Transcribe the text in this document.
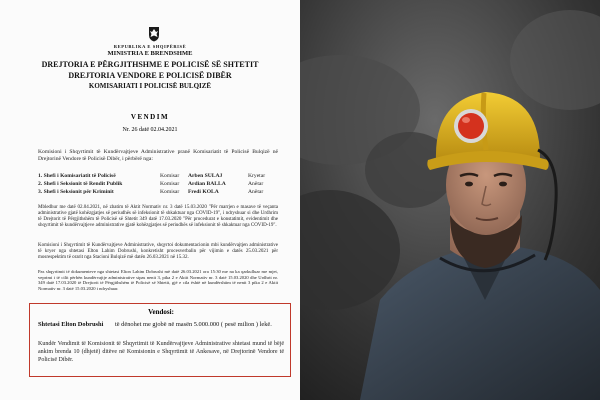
REPUBLIKA E SHQIPËRISË
MINISTRIA E BRENDSHME
DREJTORIA E PËRGJITHSHME E POLICISË SË SHTETIT
DREJTORIA VENDORE E POLICISË DIBËR
KOMISARIATI I POLICISË BULQIZË
VENDIM
Nr. 26 datë 02.04.2021
Komisioni i Shqyrtimit të Kundërvajtjeve Administrative pranë Komisariatit të Policisë Bulqizë në Drejtorinë Vendore të Policisë Dibër, i përbërë nga:
1. Shefi i Komisariatit të Policisë	Komisar	Arben SULAJ	Kryetar
2. Shefi i Seksionit të Rendit Publik	Komisar	Ardian BALLA	Anëtar
3. Shefi i Seksionit për Kriminit	Komisar	Fredi KOLA	Anëtar
Mbledhur me datë 02.04.2021, në zbatim të Aktit Normativ nr. 3 datë 15.03.2020 "Për marrjen e masave të veçanta administrative gjatë kohëzgjatjes së periudhës së infeksionit të shkaktuar nga COVID-19", i ndryshuar si dhe Urdhrim të Drejtorit të Përgjithshëm të Policisë së Shtetit 349 datë 17.03.2020 "Për procedurat e konstatimit, evidentimit dhe shqyrtimit të kundërvajtjeve administrative gjatë kohëzgjatjes së periudhës së infeksionit të shkaktuar nga COVID-19".
Komisioni i Shqyrtimit të Kundërvajtjeve Administrative, shqyrtoi dokumentacionin mbi kundërvajtjen administrative të kryer nga shtetasi Elton Lahim Dobrushi, konkretisht procesverbalin për vijimin e datës 25.03.2021 për mosrespektim të orarit nga Stacioni Bulqizë më datën 26.03.2021 në 15.32.
Pas shqyrtimit të dokumenteve nga shtetasi Elton Lahim Dobrushi më datë 26.03.2021 ora 15:30 me na ka qarkulluar me mjet, veprimi i të cilit përbën kundërvajtje administrative sipas nenit 3, pika 2 e Aktit Normativ nr. 3 datë 15.03.2020 dhe Urdhrit nr. 349 datë 17.03.2020 të Drejtorit të Përgjithshëm të Policisë së Shtetit, gjë e cila është në kundërshtim të nenit 3 pika 2 e Aktit Normativ nr. 3 datë 15.03.2020 i ndryshuar.
Vendosi:
Shtetasi Elton Dobrushi të dënohet me gjobë në masën 5.000.000 ( pesë milion ) lekë.
Kundër Vendimit të Komisionit të Shqyrtimit të Kundërvajtjeve Administrative shtetasi mund të bëjë ankim brenda 10 (dhjetë) ditëve në Komisionin e Shqyrtimit të Ankesave, në Drejtorinë Vendore të Policisë Dibër.
